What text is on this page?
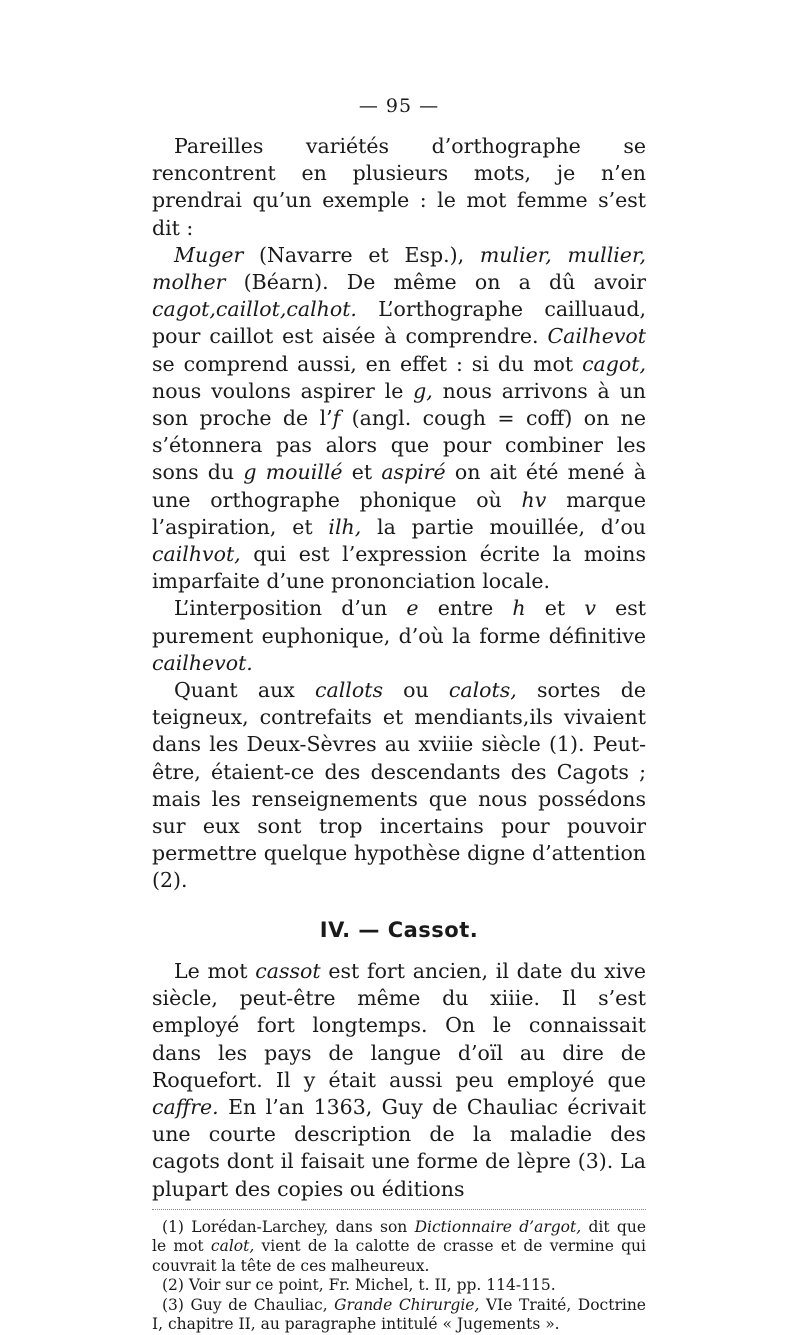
— 95 —

Pareilles variétés d’orthographe se rencontrent en plusieurs mots, je n’en prendrai qu’un exemple : le mot femme s’est dit :

Muger (Navarre et Esp.), mulier, mullier, molher (Béarn). De même on a dû avoir cagot,caillot,calhot. L’orthographe cailluaud, pour caillot est aisée à comprendre. Cailhevot se comprend aussi, en effet : si du mot cagot, nous voulons aspirer le g, nous arrivons à un son proche de l’f (angl. cough = coff) on ne s’étonnera pas alors que pour combiner les sons du g mouillé et aspiré on ait été mené à une orthographe phonique où hv marque l’aspiration, et ilh, la partie mouillée, d’ou cailhvot, qui est l’expression écrite la moins imparfaite d’une prononciation locale.

L’interposition d’un e entre h et v est purement euphonique, d’où la forme définitive cailhevot.

Quant aux callots ou calots, sortes de teigneux, contrefaits et mendiants,ils vivaient dans les Deux-Sèvres au xviiie siècle (1). Peut-être, étaient-ce des descendants des Cagots ; mais les renseignements que nous possédons sur eux sont trop incertains pour pouvoir permettre quelque hypothèse digne d’attention (2).

IV. — Cassot.

Le mot cassot est fort ancien, il date du xive siècle, peut-être même du xiiie. Il s’est employé fort longtemps. On le connaissait dans les pays de langue d’oïl au dire de Roquefort. Il y était aussi peu employé que caffre. En l’an 1363, Guy de Chauliac écrivait une courte description de la maladie des cagots dont il faisait une forme de lèpre (3). La plupart des copies ou éditions

(1) Lorédan-Larchey, dans son Dictionnaire d’argot, dit que le mot calot, vient de la calotte de crasse et de vermine qui couvrait la tête de ces malheureux.

(2) Voir sur ce point, Fr. Michel, t. II, pp. 114-115.

(3) Guy de Chauliac, Grande Chirurgie, VIe Traité, Doctrine I, chapitre II, au paragraphe intitulé « Jugements ».
